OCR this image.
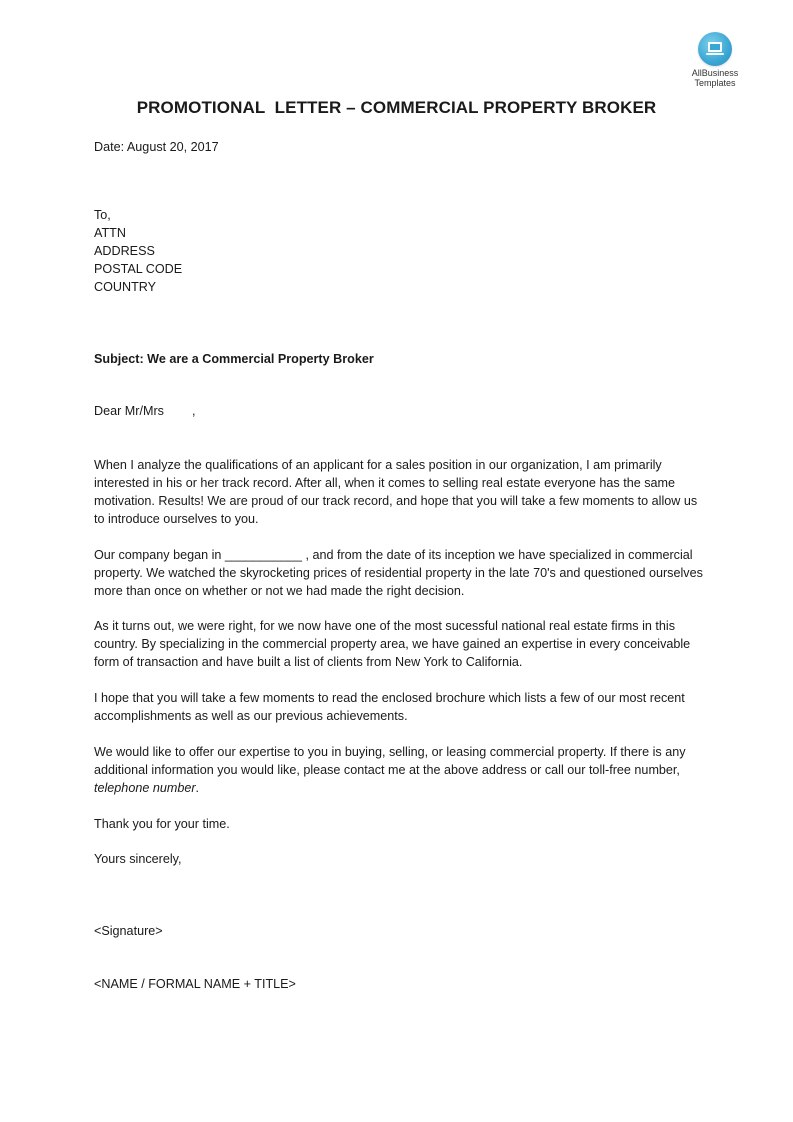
AllBusiness
Templates
PROMOTIONAL  LETTER – COMMERCIAL PROPERTY BROKER
Date: August 20, 2017
To,
ATTN
ADDRESS
POSTAL CODE
COUNTRY
Subject: We are a Commercial Property Broker
Dear Mr/Mrs        ,
When I analyze the qualifications of an applicant for a sales position in our organization, I am primarily interested in his or her track record. After all, when it comes to selling real estate everyone has the same motivation. Results! We are proud of our track record, and hope that you will take a few moments to allow us to introduce ourselves to you.
Our company began in ___________ , and from the date of its inception we have specialized in commercial property. We watched the skyrocketing prices of residential property in the late 70's and questioned ourselves more than once on whether or not we had made the right decision.
As it turns out, we were right, for we now have one of the most sucessful national real estate firms in this country. By specializing in the commercial property area, we have gained an expertise in every conceivable form of transaction and have built a list of clients from New York to California.
I hope that you will take a few moments to read the enclosed brochure which lists a few of our most recent accomplishments as well as our previous achievements.
We would like to offer our expertise to you in buying, selling, or leasing commercial property. If there is any additional information you would like, please contact me at the above address or call our toll-free number, telephone number.
Thank you for your time.
Yours sincerely,
<Signature>
<NAME / FORMAL NAME + TITLE>
